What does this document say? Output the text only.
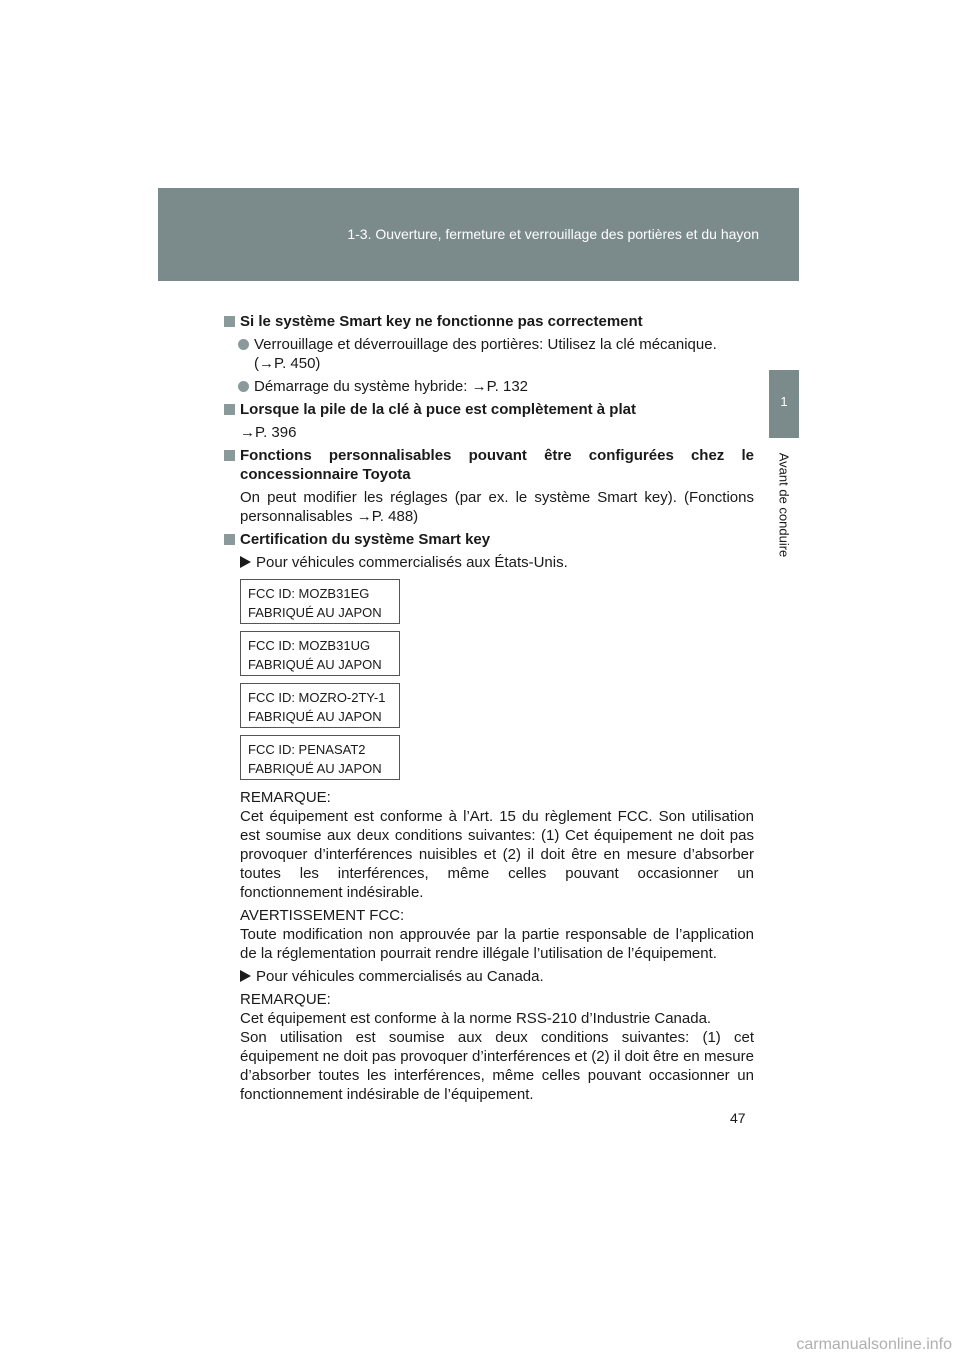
1-3. Ouverture, fermeture et verrouillage des portières et du hayon
1
Avant de conduire
Si le système Smart key ne fonctionne pas correctement
Verrouillage et déverrouillage des portières: Utilisez la clé mécanique.
(→P. 450)
Démarrage du système hybride: →P. 132
Lorsque la pile de la clé à puce est complètement à plat
→P. 396
Fonctions personnalisables pouvant être configurées chez le concessionnaire Toyota
On peut modifier les réglages (par ex. le système Smart key). (Fonctions personnalisables →P. 488)
Certification du système Smart key
Pour véhicules commercialisés aux États-Unis.
FCC ID: MOZB31EG
FABRIQUÉ AU JAPON
FCC ID: MOZB31UG
FABRIQUÉ AU JAPON
FCC ID: MOZRO-2TY-1
FABRIQUÉ AU JAPON
FCC ID: PENASAT2
FABRIQUÉ AU JAPON
REMARQUE:
Cet équipement est conforme à l’Art. 15 du règlement FCC. Son utilisation est soumise aux deux conditions suivantes: (1) Cet équipement ne doit pas provoquer d’interférences nuisibles et (2) il doit être en mesure d’absorber toutes les interférences, même celles pouvant occasionner un fonctionnement indésirable.
AVERTISSEMENT FCC:
Toute modification non approuvée par la partie responsable de l’application de la réglementation pourrait rendre illégale l’utilisation de l’équipement.
Pour véhicules commercialisés au Canada.
REMARQUE:
Cet équipement est conforme à la norme RSS-210 d’Industrie Canada.
Son utilisation est soumise aux deux conditions suivantes: (1) cet équipement ne doit pas provoquer d’interférences et (2) il doit être en mesure d’absorber toutes les interférences, même celles pouvant occasionner un fonctionnement indésirable de l’équipement.
47
carmanualsonline.info
